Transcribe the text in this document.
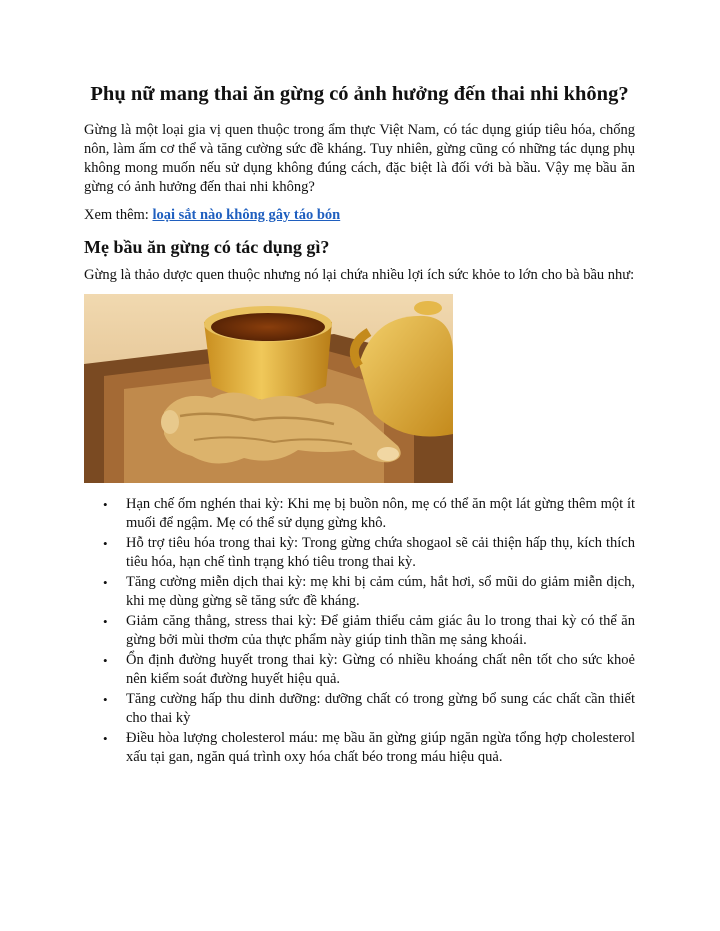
Phụ nữ mang thai ăn gừng có ảnh hưởng đến thai nhi không?

Gừng là một loại gia vị quen thuộc trong ẩm thực Việt Nam, có tác dụng giúp tiêu hóa, chống nôn, làm ấm cơ thể và tăng cường sức đề kháng. Tuy nhiên, gừng cũng có những tác dụng phụ không mong muốn nếu sử dụng không đúng cách, đặc biệt là đối với bà bầu. Vậy mẹ bầu ăn gừng có ảnh hưởng đến thai nhi không?

Xem thêm: loại sắt nào không gây táo bón

Mẹ bầu ăn gừng có tác dụng gì?

Gừng là thảo dược quen thuộc nhưng nó lại chứa nhiều lợi ích sức khỏe to lớn cho bà bầu như:

• Hạn chế ốm nghén thai kỳ: Khi mẹ bị buồn nôn, mẹ có thể ăn một lát gừng thêm một ít muối để ngậm. Mẹ có thể sử dụng gừng khô.
• Hỗ trợ tiêu hóa trong thai kỳ: Trong gừng chứa shogaol sẽ cải thiện hấp thụ, kích thích tiêu hóa, hạn chế tình trạng khó tiêu trong thai kỳ.
• Tăng cường miễn dịch thai kỳ: mẹ khi bị cảm cúm, hắt hơi, sổ mũi do giảm miễn dịch, khi mẹ dùng gừng sẽ tăng sức đề kháng.
• Giảm căng thẳng, stress thai kỳ: Để giảm thiểu cảm giác âu lo trong thai kỳ có thể ăn gừng bởi mùi thơm của thực phẩm này giúp tinh thần mẹ sảng khoái.
• Ổn định đường huyết trong thai kỳ: Gừng có nhiều khoáng chất nên tốt cho sức khoẻ nên kiểm soát đường huyết hiệu quả.
• Tăng cường hấp thu dinh dưỡng: dưỡng chất có trong gừng bổ sung các chất cần thiết cho thai kỳ
• Điều hòa lượng cholesterol máu: mẹ bầu ăn gừng giúp ngăn ngừa tổng hợp cholesterol xấu tại gan, ngăn quá trình oxy hóa chất béo trong máu hiệu quả.
